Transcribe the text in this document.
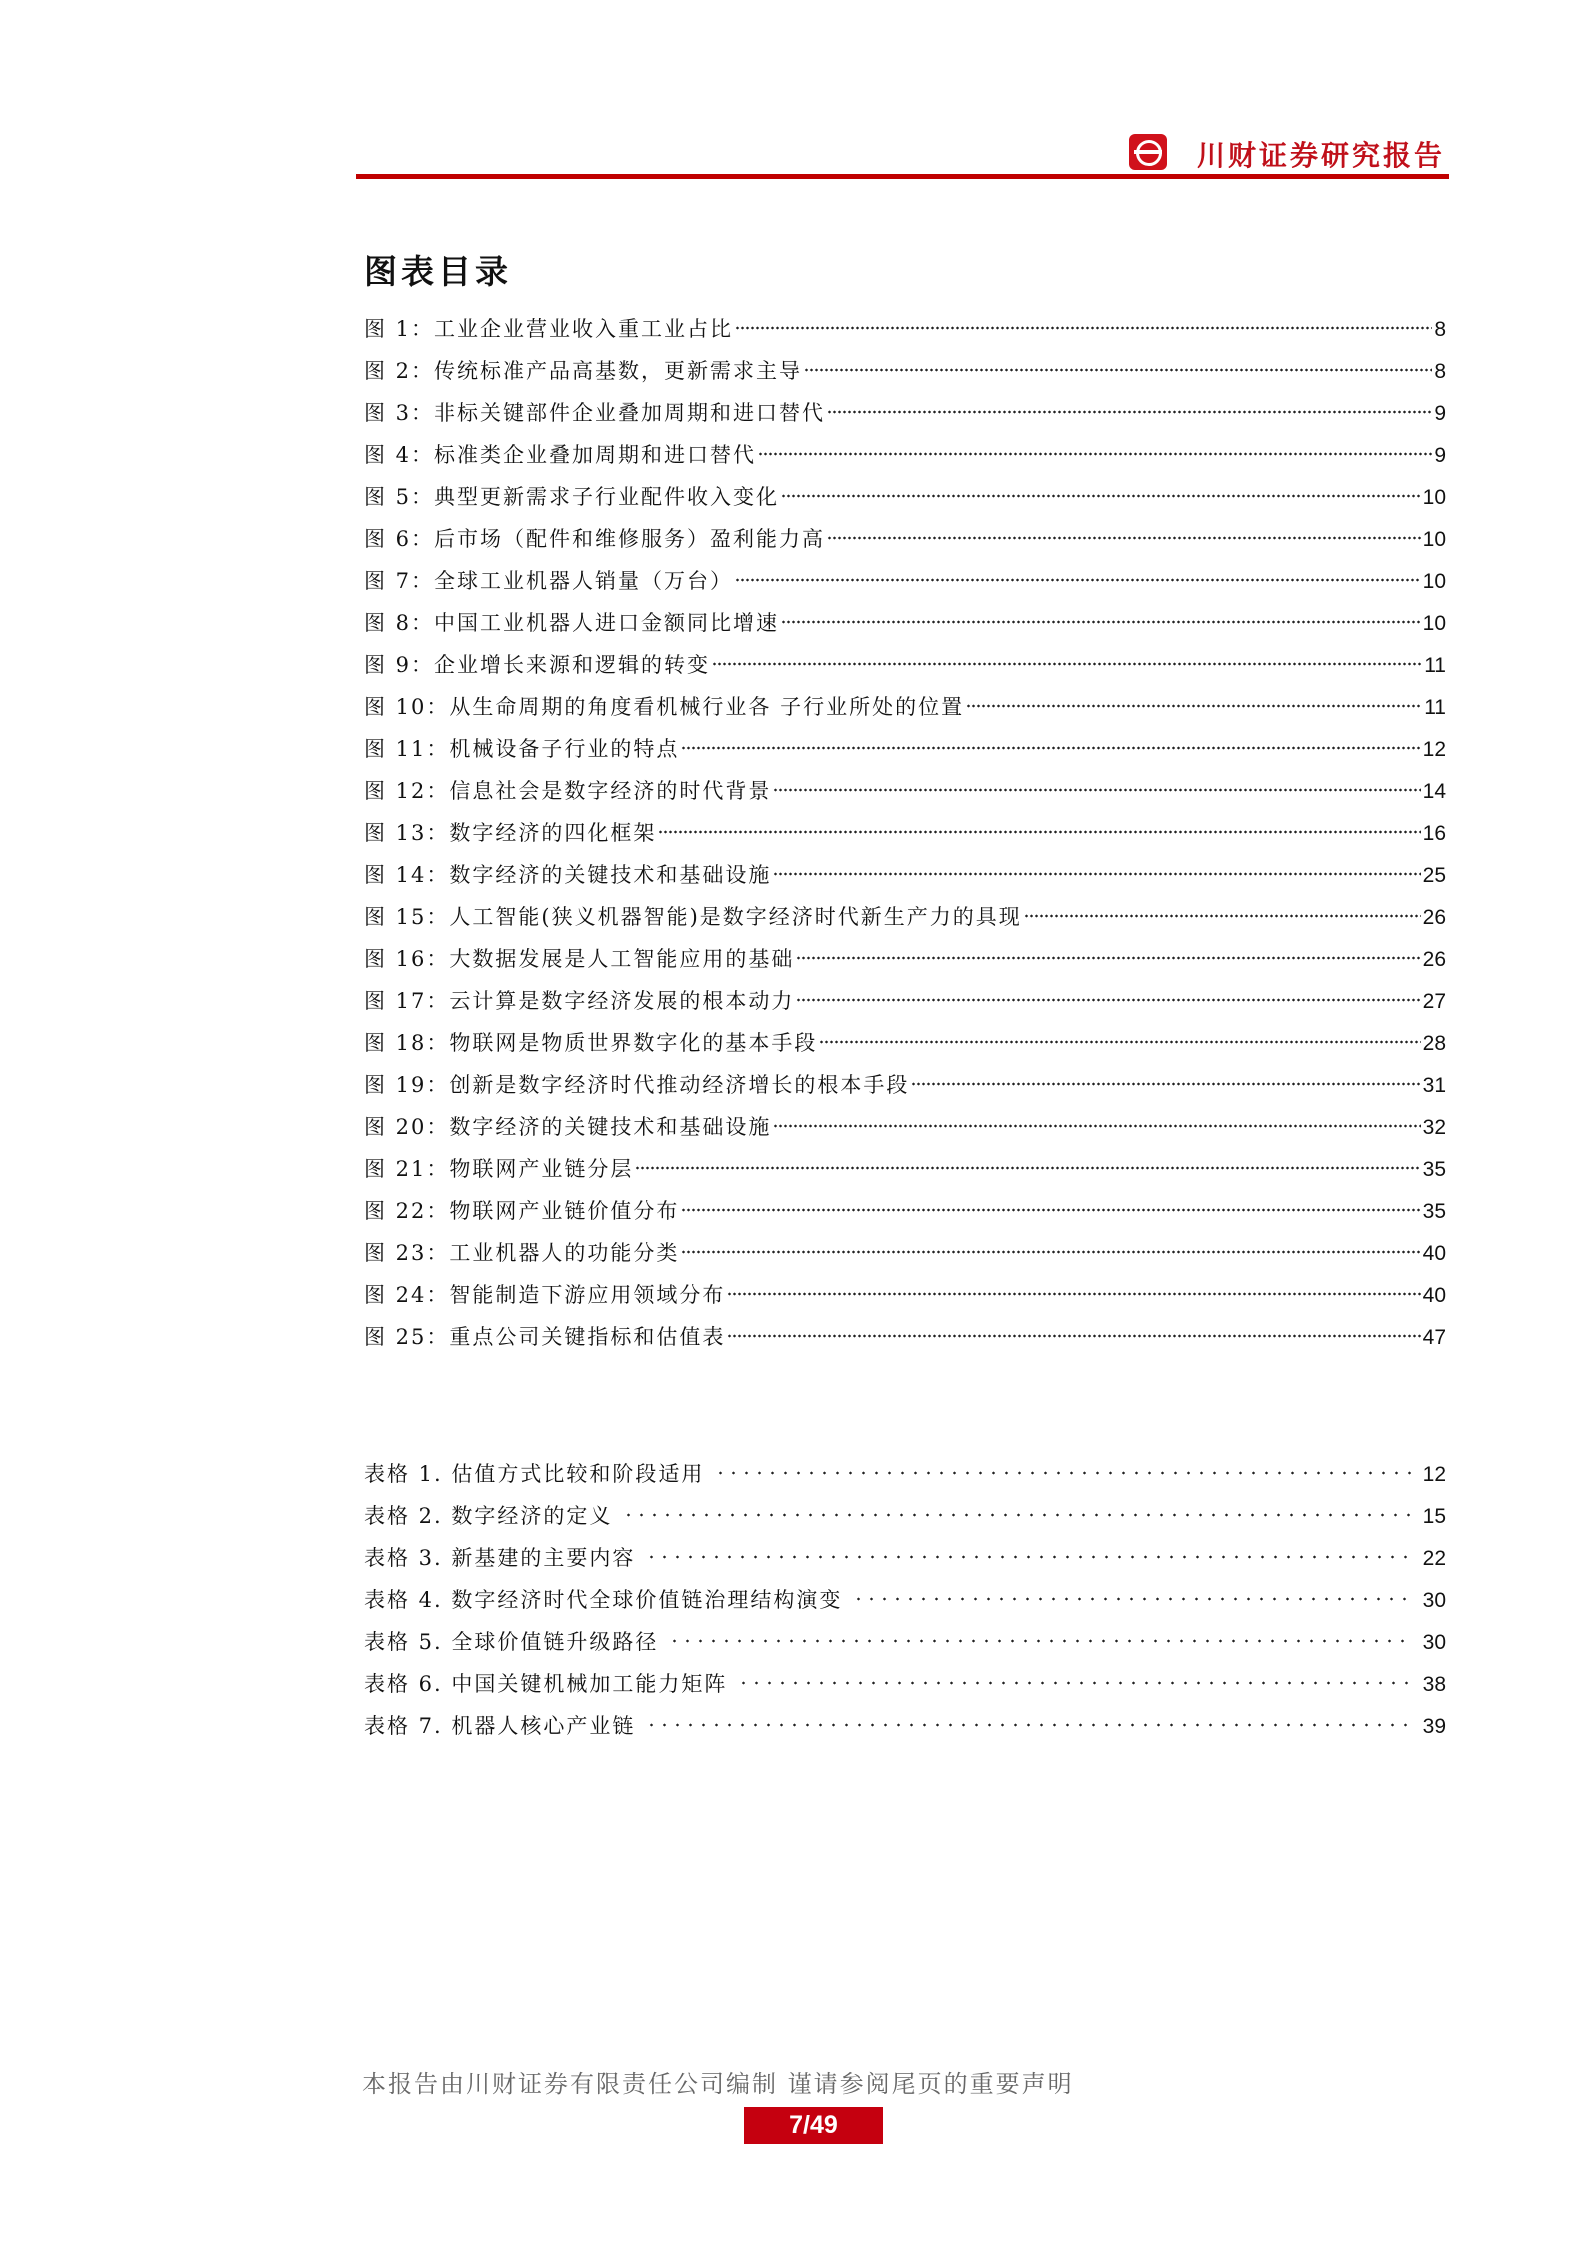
川财证券研究报告
图表目录
图 1：工业企业营业收入重工业占比	8
图 2：传统标准产品高基数，更新需求主导	8
图 3：非标关键部件企业叠加周期和进口替代	9
图 4：标准类企业叠加周期和进口替代	9
图 5：典型更新需求子行业配件收入变化	10
图 6：后市场（配件和维修服务）盈利能力高	10
图 7：全球工业机器人销量（万台）	10
图 8：中国工业机器人进口金额同比增速	10
图 9：企业增长来源和逻辑的转变	11
图 10：从生命周期的角度看机械行业各 子行业所处的位置	11
图 11：机械设备子行业的特点	12
图 12：信息社会是数字经济的时代背景	14
图 13：数字经济的四化框架	16
图 14：数字经济的关键技术和基础设施	25
图 15：人工智能(狭义机器智能)是数字经济时代新生产力的具现	26
图 16：大数据发展是人工智能应用的基础	26
图 17：云计算是数字经济发展的根本动力	27
图 18：物联网是物质世界数字化的基本手段	28
图 19：创新是数字经济时代推动经济增长的根本手段	31
图 20：数字经济的关键技术和基础设施	32
图 21：物联网产业链分层	35
图 22：物联网产业链价值分布	35
图 23：工业机器人的功能分类	40
图 24：智能制造下游应用领域分布	40
图 25：重点公司关键指标和估值表	47
表格 1. 估值方式比较和阶段适用	12
表格 2. 数字经济的定义	15
表格 3. 新基建的主要内容	22
表格 4. 数字经济时代全球价值链治理结构演变	30
表格 5. 全球价值链升级路径	30
表格 6. 中国关键机械加工能力矩阵	38
表格 7. 机器人核心产业链	39
本报告由川财证券有限责任公司编制 谨请参阅尾页的重要声明
7/49
